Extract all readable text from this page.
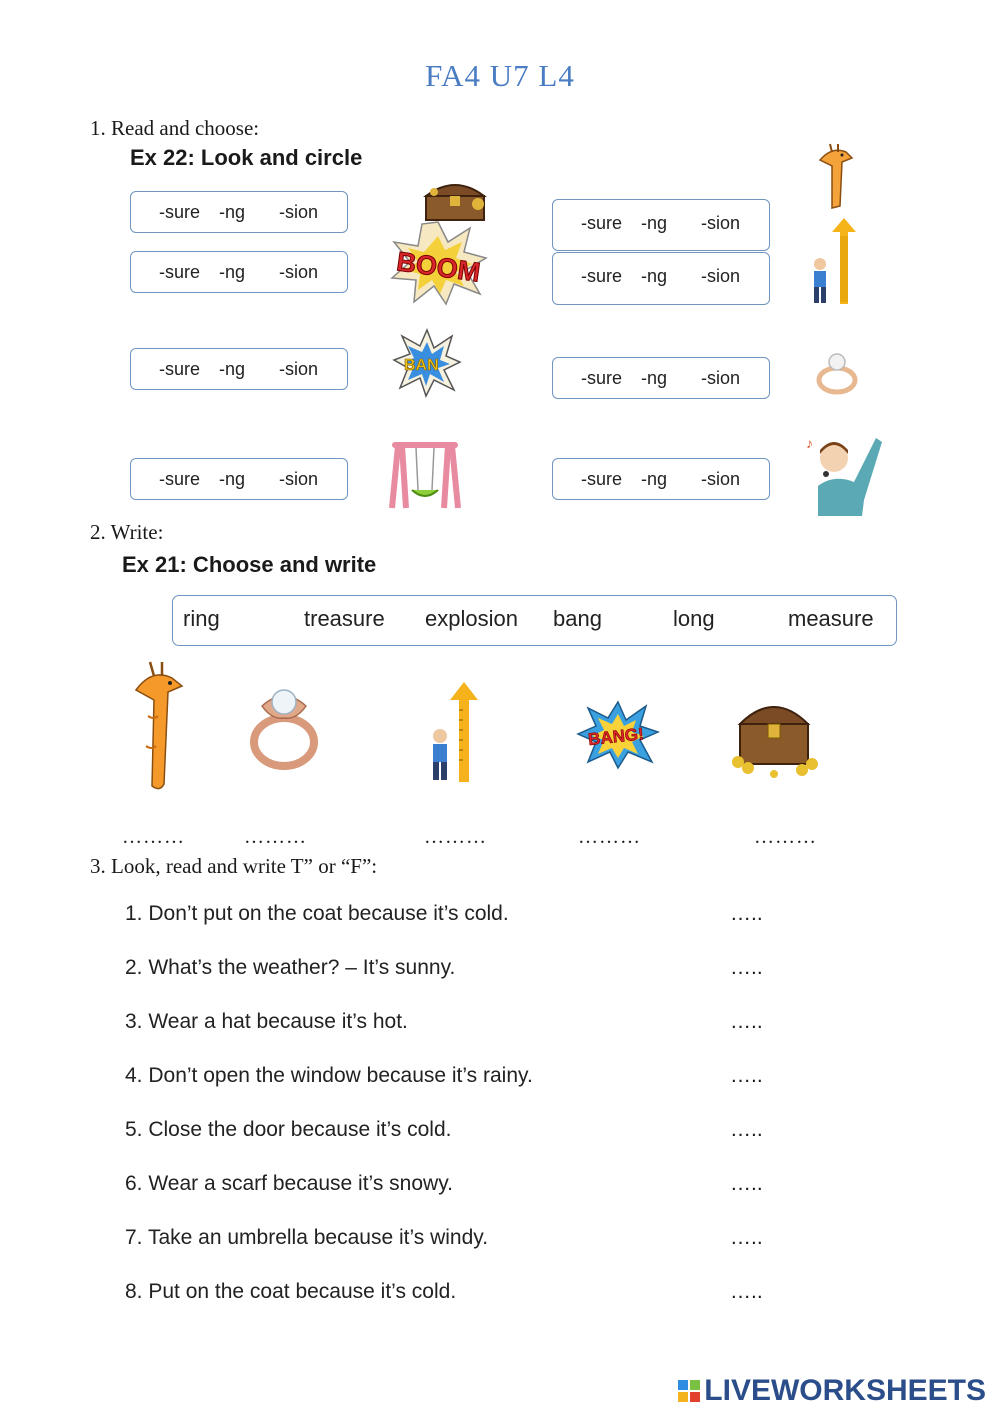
FA4 U7 L4
1. Read and choose:
Ex 22: Look and circle
-sure -ng -sion
-sure -ng -sion
-sure -ng -sion
-sure -ng -sion
-sure -ng -sion
-sure -ng -sion
-sure -ng -sion
-sure -ng -sion
BOOM
BAN
♪
2. Write:
Ex 21: Choose and write
ring	treasure explosion bang	long	measure
BANG!
………	………	………	………	………
3. Look, read and write T” or “F”:
1. Don’t put on the coat because it’s cold.	…..
2. What’s the weather? – It’s sunny.	…..
3. Wear a hat because it’s hot.	…..
4. Don’t open the window because it’s rainy.	…..
5. Close the door because it’s cold.	…..
6. Wear a scarf because it’s snowy.	…..
7. Take an umbrella because it’s windy.	…..
8. Put on the coat because it’s cold.	…..
LIVEWORKSHEETS
